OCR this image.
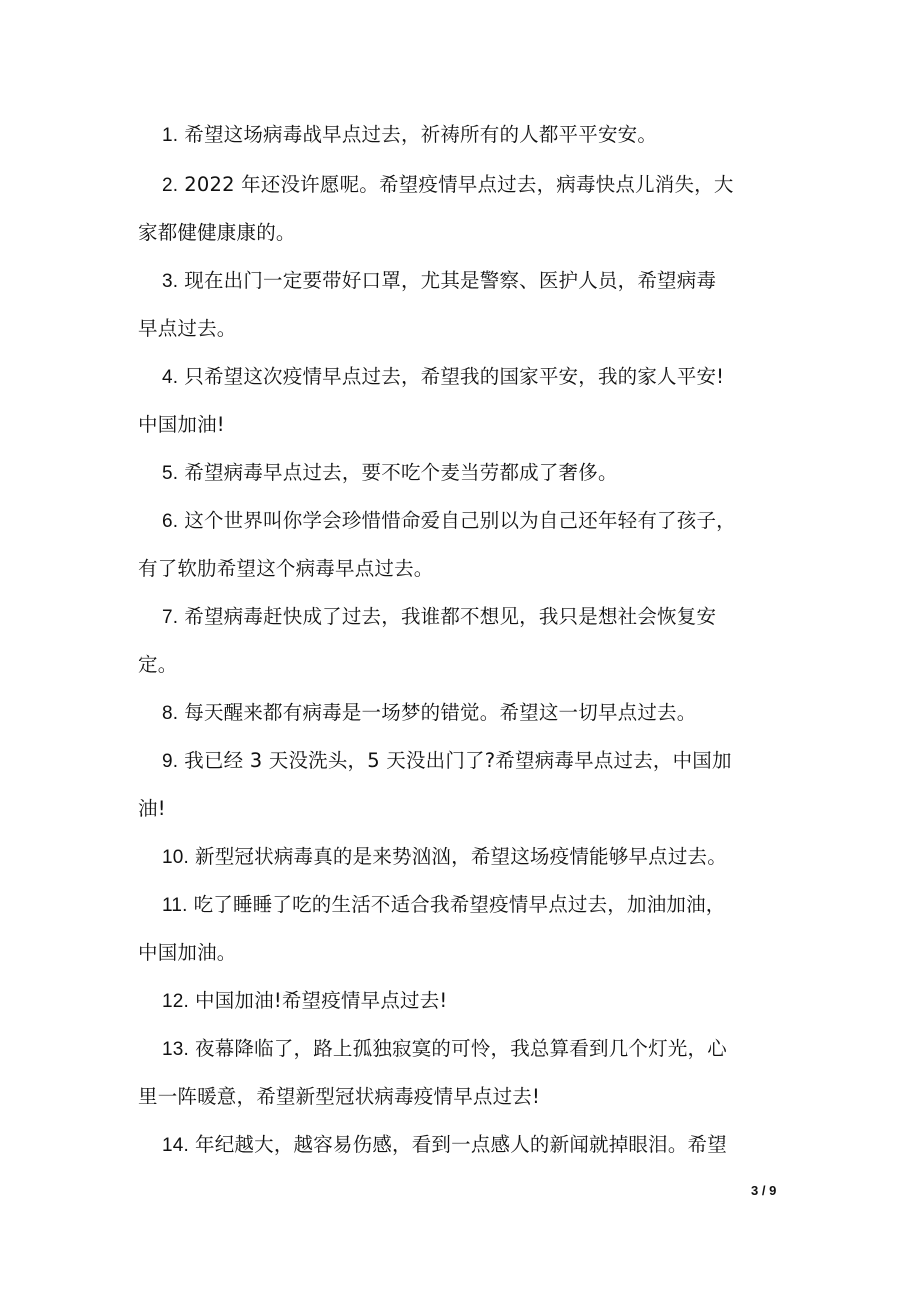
1. 希望这场病毒战早点过去，祈祷所有的人都平平安安。
2. 2022 年还没许愿呢。希望疫情早点过去，病毒快点儿消失，大
家都健健康康的。
3. 现在出门一定要带好口罩，尤其是警察、医护人员，希望病毒
早点过去。
4. 只希望这次疫情早点过去，希望我的国家平安，我的家人平安!
中国加油!
5. 希望病毒早点过去，要不吃个麦当劳都成了奢侈。
6. 这个世界叫你学会珍惜惜命爱自己别以为自己还年轻有了孩子，
有了软肋希望这个病毒早点过去。
7. 希望病毒赶快成了过去，我谁都不想见，我只是想社会恢复安
定。
8. 每天醒来都有病毒是一场梦的错觉。希望这一切早点过去。
9. 我已经 3 天没洗头，5 天没出门了?希望病毒早点过去，中国加
油!
10. 新型冠状病毒真的是来势汹汹，希望这场疫情能够早点过去。
11. 吃了睡睡了吃的生活不适合我希望疫情早点过去，加油加油，
中国加油。
12. 中国加油!希望疫情早点过去!
13. 夜幕降临了，路上孤独寂寞的可怜，我总算看到几个灯光，心
里一阵暖意，希望新型冠状病毒疫情早点过去!
14. 年纪越大，越容易伤感，看到一点感人的新闻就掉眼泪。希望
3 / 9
